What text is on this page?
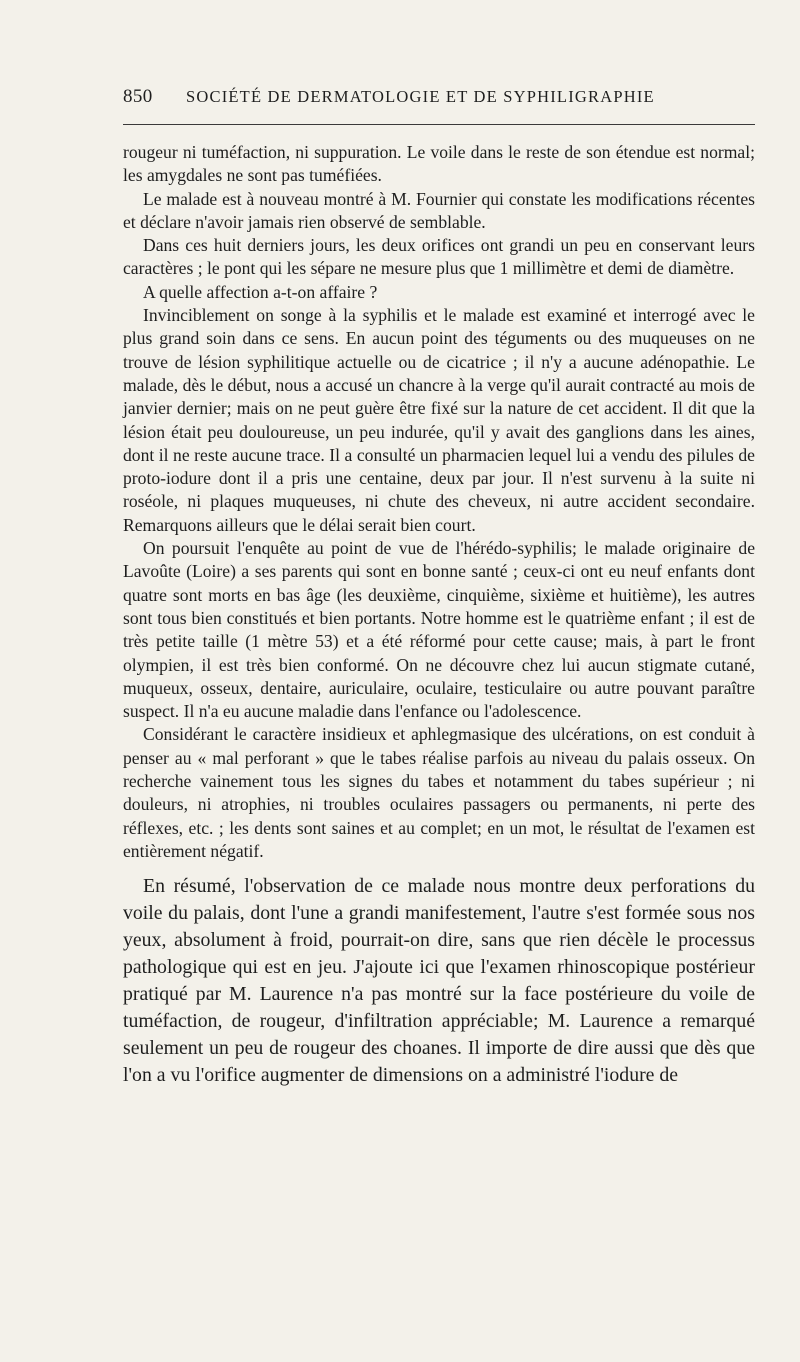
850 SOCIÉTÉ DE DERMATOLOGIE ET DE SYPHILIGRAPHIE

rougeur ni tuméfaction, ni suppuration. Le voile dans le reste de son étendue est normal; les amygdales ne sont pas tuméfiées.

Le malade est à nouveau montré à M. Fournier qui constate les modifications récentes et déclare n'avoir jamais rien observé de semblable.

Dans ces huit derniers jours, les deux orifices ont grandi un peu en conservant leurs caractères ; le pont qui les sépare ne mesure plus que 1 millimètre et demi de diamètre.

A quelle affection a-t-on affaire ?

Invinciblement on songe à la syphilis et le malade est examiné et interrogé avec le plus grand soin dans ce sens. En aucun point des téguments ou des muqueuses on ne trouve de lésion syphilitique actuelle ou de cicatrice ; il n'y a aucune adénopathie. Le malade, dès le début, nous a accusé un chancre à la verge qu'il aurait contracté au mois de janvier dernier; mais on ne peut guère être fixé sur la nature de cet accident. Il dit que la lésion était peu douloureuse, un peu indurée, qu'il y avait des ganglions dans les aines, dont il ne reste aucune trace. Il a consulté un pharmacien lequel lui a vendu des pilules de proto-iodure dont il a pris une centaine, deux par jour. Il n'est survenu à la suite ni roséole, ni plaques muqueuses, ni chute des cheveux, ni autre accident secondaire. Remarquons ailleurs que le délai serait bien court.

On poursuit l'enquête au point de vue de l'hérédo-syphilis; le malade originaire de Lavoûte (Loire) a ses parents qui sont en bonne santé ; ceux-ci ont eu neuf enfants dont quatre sont morts en bas âge (les deuxième, cinquième, sixième et huitième), les autres sont tous bien constitués et bien portants. Notre homme est le quatrième enfant ; il est de très petite taille (1 mètre 53) et a été réformé pour cette cause; mais, à part le front olympien, il est très bien conformé. On ne découvre chez lui aucun stigmate cutané, muqueux, osseux, dentaire, auriculaire, oculaire, testiculaire ou autre pouvant paraître suspect. Il n'a eu aucune maladie dans l'enfance ou l'adolescence.

Considérant le caractère insidieux et aphlegmasique des ulcérations, on est conduit à penser au « mal perforant » que le tabes réalise parfois au niveau du palais osseux. On recherche vainement tous les signes du tabes et notamment du tabes supérieur ; ni douleurs, ni atrophies, ni troubles oculaires passagers ou permanents, ni perte des réflexes, etc. ; les dents sont saines et au complet; en un mot, le résultat de l'examen est entièrement négatif.

En résumé, l'observation de ce malade nous montre deux perforations du voile du palais, dont l'une a grandi manifestement, l'autre s'est formée sous nos yeux, absolument à froid, pourrait-on dire, sans que rien décèle le processus pathologique qui est en jeu. J'ajoute ici que l'examen rhinoscopique postérieur pratiqué par M. Laurence n'a pas montré sur la face postérieure du voile de tuméfaction, de rougeur, d'infiltration appréciable; M. Laurence a remarqué seulement un peu de rougeur des choanes. Il importe de dire aussi que dès que l'on a vu l'orifice augmenter de dimensions on a administré l'iodure de
